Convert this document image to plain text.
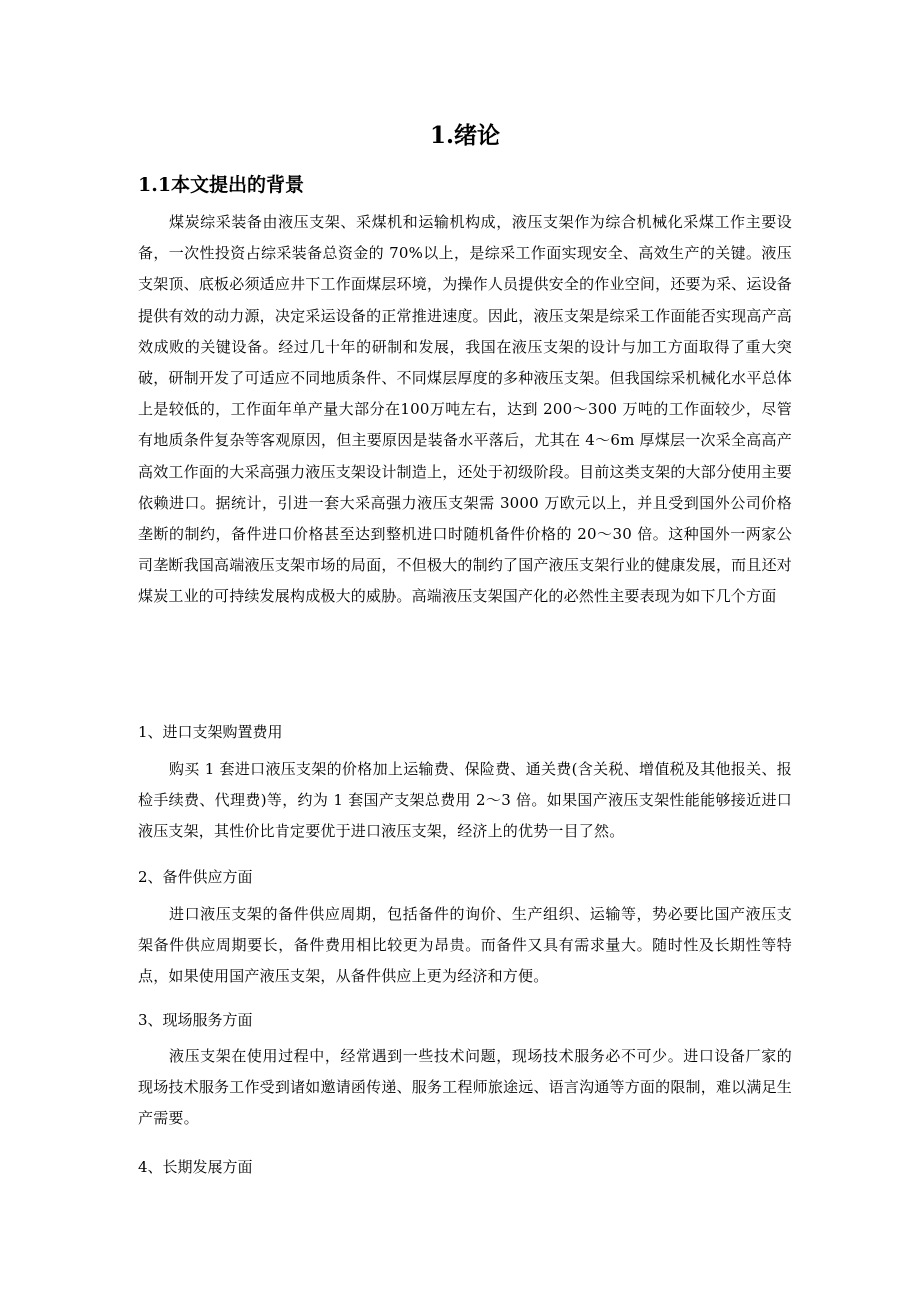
1.绪论
1.1本文提出的背景

煤炭综采装备由液压支架、采煤机和运输机构成，液压支架作为综合机械化采煤工作主要设备，一次性投资占综采装备总资金的 70%以上，是综采工作面实现安全、高效生产的关键。液压支架顶、底板必须适应井下工作面煤层环境，为操作人员提供安全的作业空间，还要为采、运设备提供有效的动力源，决定采运设备的正常推进速度。因此，液压支架是综采工作面能否实现高产高效成败的关键设备。经过几十年的研制和发展，我国在液压支架的设计与加工方面取得了重大突破，研制开发了可适应不同地质条件、不同煤层厚度的多种液压支架。但我国综采机械化水平总体上是较低的，工作面年单产量大部分在100万吨左右，达到 200～300 万吨的工作面较少，尽管有地质条件复杂等客观原因，但主要原因是装备水平落后，尤其在 4～6m 厚煤层一次采全高高产高效工作面的大采高强力液压支架设计制造上，还处于初级阶段。目前这类支架的大部分使用主要依赖进口。据统计，引进一套大采高强力液压支架需 3000 万欧元以上，并且受到国外公司价格垄断的制约，备件进口价格甚至达到整机进口时随机备件价格的 20～30 倍。这种国外一两家公司垄断我国高端液压支架市场的局面，不但极大的制约了国产液压支架行业的健康发展，而且还对煤炭工业的可持续发展构成极大的威胁。高端液压支架国产化的必然性主要表现为如下几个方面

1、进口支架购置费用

购买 1 套进口液压支架的价格加上运输费、保险费、通关费(含关税、增值税及其他报关、报检手续费、代理费)等，约为 1 套国产支架总费用 2～3 倍。如果国产液压支架性能能够接近进口液压支架，其性价比肯定要优于进口液压支架，经济上的优势一目了然。

2、备件供应方面

进口液压支架的备件供应周期，包括备件的询价、生产组织、运输等，势必要比国产液压支架备件供应周期要长，备件费用相比较更为昂贵。而备件又具有需求量大。随时性及长期性等特点，如果使用国产液压支架，从备件供应上更为经济和方便。

3、现场服务方面

液压支架在使用过程中，经常遇到一些技术问题，现场技术服务必不可少。进口设备厂家的现场技术服务工作受到诸如邀请函传递、服务工程师旅途远、语言沟通等方面的限制，难以满足生产需要。

4、长期发展方面
